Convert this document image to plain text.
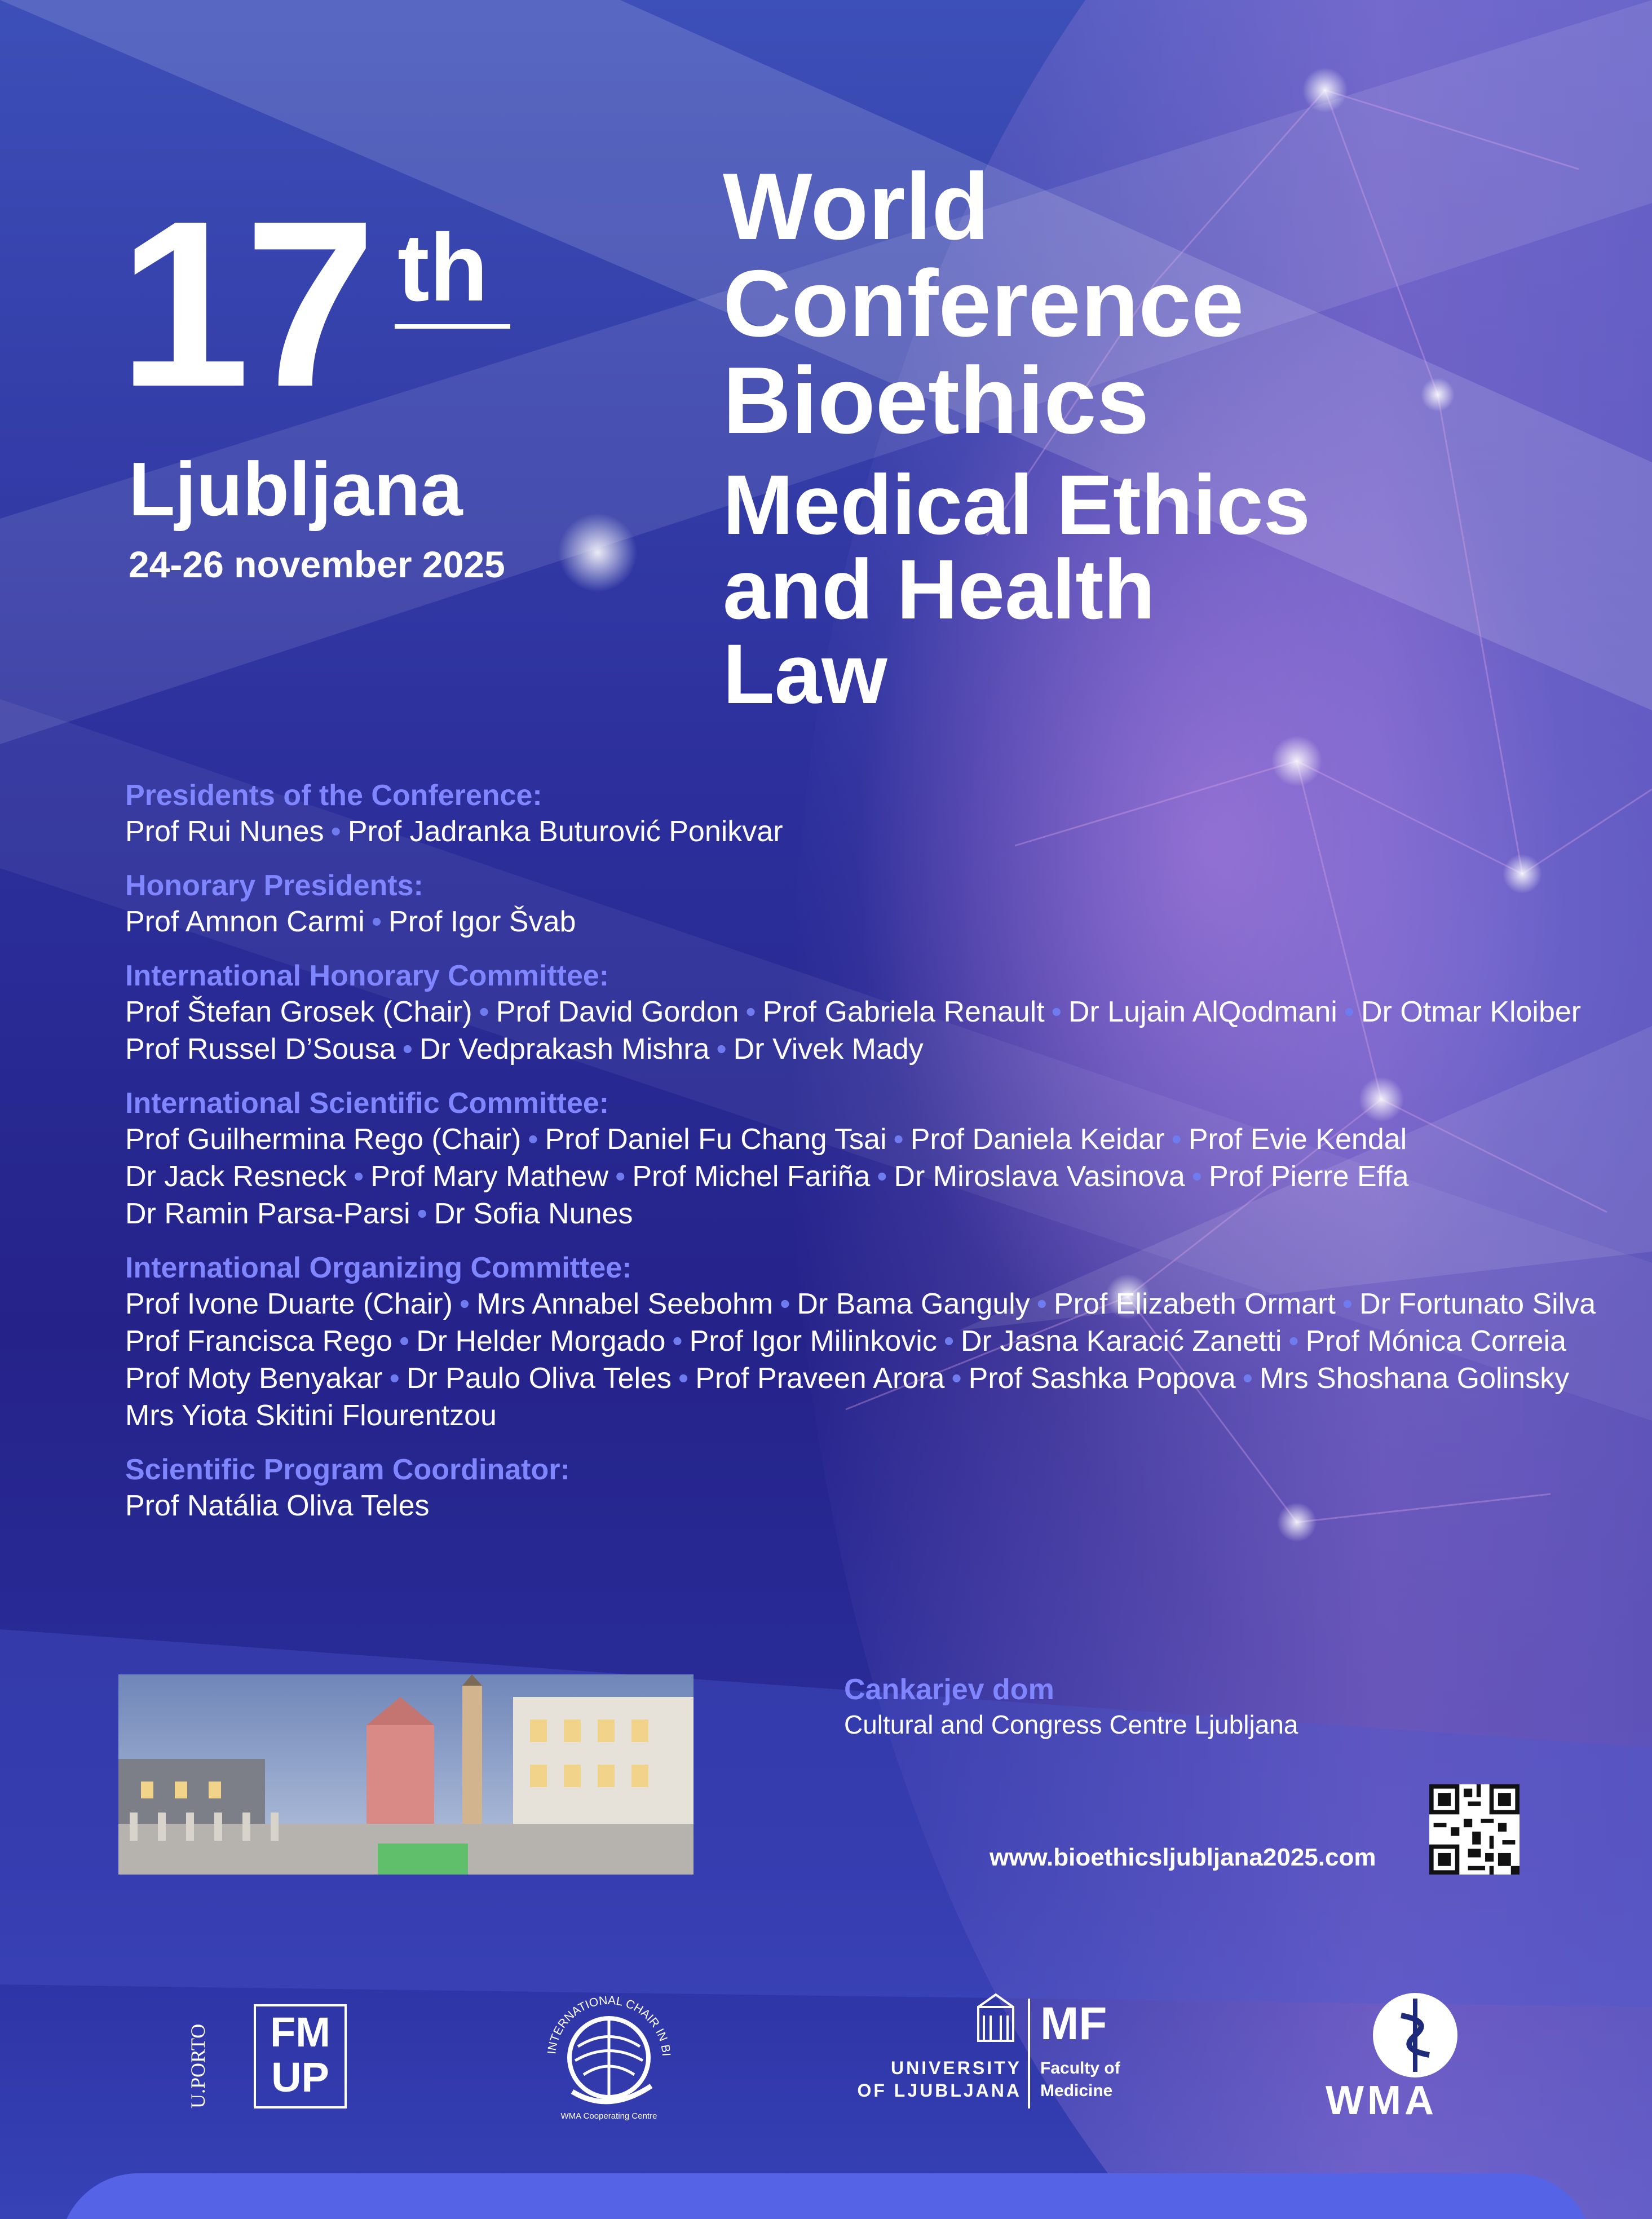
17 th
Ljubljana
24-26 november 2025
World
Conference
Bioethics
Medical Ethics
and Health
Law
Presidents of the Conference:
Prof Rui Nunes • Prof Jadranka Buturović Ponikvar
Honorary Presidents:
Prof Amnon Carmi • Prof Igor Švab
International Honorary Committee:
Prof Štefan Grosek (Chair) • Prof David Gordon • Prof Gabriela Renault • Dr Lujain AlQodmani • Dr Otmar Kloiber
Prof Russel D’Sousa • Dr Vedprakash Mishra • Dr Vivek Mady
International Scientific Committee:
Prof Guilhermina Rego (Chair) • Prof Daniel Fu Chang Tsai • Prof Daniela Keidar • Prof Evie Kendal
Dr Jack Resneck • Prof Mary Mathew • Prof Michel Fariña • Dr Miroslava Vasinova • Prof Pierre Effa
Dr Ramin Parsa-Parsi • Dr Sofia Nunes
International Organizing Committee:
Prof Ivone Duarte (Chair) • Mrs Annabel Seebohm • Dr Bama Ganguly • Prof Elizabeth Ormart • Dr Fortunato Silva
Prof Francisca Rego • Dr Helder Morgado • Prof Igor Milinkovic • Dr Jasna Karacić Zanetti • Prof Mónica Correia
Prof Moty Benyakar • Dr Paulo Oliva Teles • Prof Praveen Arora • Prof Sashka Popova • Mrs Shoshana Golinsky
Mrs Yiota Skitini Flourentzou
Scientific Program Coordinator:
Prof Natália Oliva Teles
Cankarjev dom
Cultural and Congress Centre Ljubljana
www.bioethicsljubljana2025.com
U.PORTO	FM
UP
INTERNATIONAL CHAIR IN BI
WMA Cooperating Centre
UNIVERSITY
OF LJUBLJANA
MF
Faculty of
Medicine	WMA
